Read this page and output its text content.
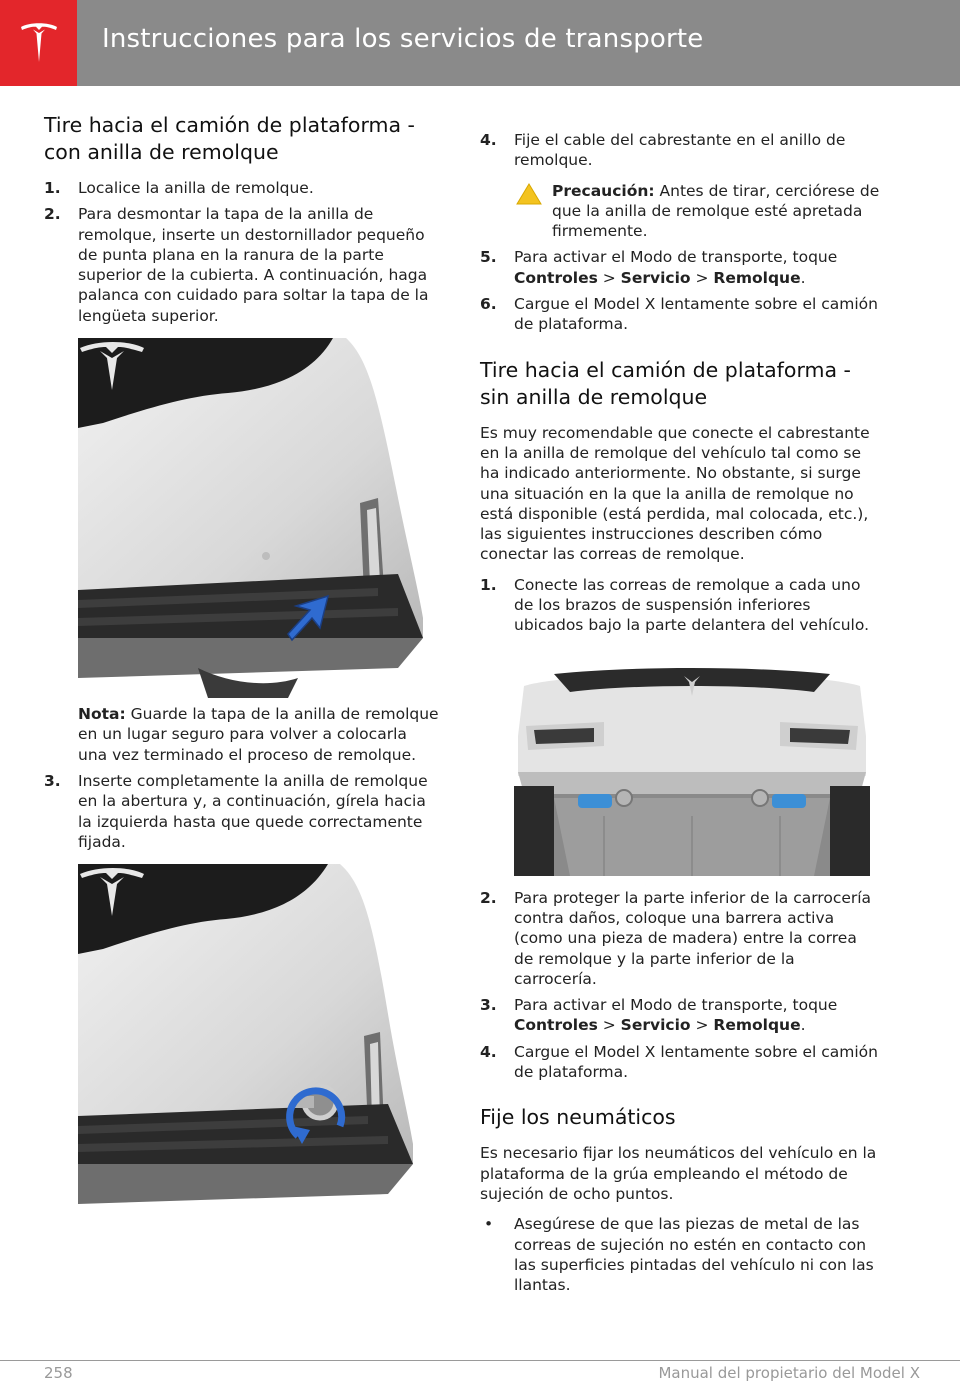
Instrucciones para los servicios de transporte
Tire hacia el camión de plataforma - con anilla de remolque
1. Localice la anilla de remolque.
2. Para desmontar la tapa de la anilla de remolque, inserte un destornillador pequeño de punta plana en la ranura de la parte superior de la cubierta. A continuación, haga palanca con cuidado para soltar la tapa de la lengüeta superior.
Nota: Guarde la tapa de la anilla de remolque en un lugar seguro para volver a colocarla una vez terminado el proceso de remolque.
3. Inserte completamente la anilla de remolque en la abertura y, a continuación, gírela hacia la izquierda hasta que quede correctamente fijada.
4. Fije el cable del cabrestante en el anillo de remolque.
Precaución: Antes de tirar, cerciórese de que la anilla de remolque esté apretada firmemente.
5. Para activar el Modo de transporte, toque Controles > Servicio > Remolque.
6. Cargue el Model X lentamente sobre el camión de plataforma.
Tire hacia el camión de plataforma - sin anilla de remolque

Es muy recomendable que conecte el cabrestante en la anilla de remolque del vehículo tal como se ha indicado anteriormente. No obstante, si surge una situación en la que la anilla de remolque no está disponible (está perdida, mal colocada, etc.), las siguientes instrucciones describen cómo conectar las correas de remolque.

1. Conecte las correas de remolque a cada uno de los brazos de suspensión inferiores ubicados bajo la parte delantera del vehículo.
2. Para proteger la parte inferior de la carrocería contra daños, coloque una barrera activa (como una pieza de madera) entre la correa de remolque y la parte inferior de la carrocería.
3. Para activar el Modo de transporte, toque Controles > Servicio > Remolque.
4. Cargue el Model X lentamente sobre el camión de plataforma.
Fije los neumáticos

Es necesario fijar los neumáticos del vehículo en la plataforma de la grúa empleando el método de sujeción de ocho puntos.

• Asegúrese de que las piezas de metal de las correas de sujeción no estén en contacto con las superficies pintadas del vehículo ni con las llantas.
258	Manual del propietario del Model X
